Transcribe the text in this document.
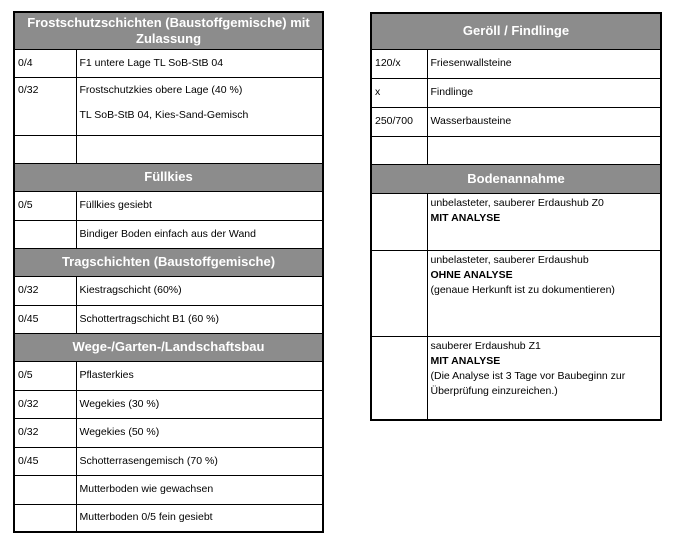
Frostschutzschichten (Baustoffgemische) mit Zulassung	
0/4	F1 untere Lage TL SoB-StB 04
0/32	Frostschutzkies obere Lage (40 %)
TL SoB-StB 04, Kies-Sand-Gemisch

Füllkies	
0/5	Füllkies gesiebt
	Bindiger Boden einfach aus der Wand
Tragschichten (Baustoffgemische)	
0/32	Kiestragschicht (60%)
0/45	Schottertragschicht B1 (60 %)
Wege-/Garten-/Landschaftsbau	
0/5	Pflasterkies
0/32	Wegekies (30 %)
0/32	Wegekies (50 %)
0/45	Schotterrasengemisch (70 %)
	Mutterboden wie gewachsen
	Mutterboden 0/5 fein gesiebt
Geröll / Findlinge	
120/x	Friesenwallsteine
x	Findlinge
250/700	Wasserbausteine

Bodenannahme	

	unbelasteter, sauberer Erdaushub Z0
MIT ANALYSE

	unbelasteter, sauberer Erdaushub
OHNE ANALYSE
(genaue Herkunft ist zu dokumentieren)

	sauberer Erdaushub Z1
MIT ANALYSE
(Die Analyse ist 3 Tage vor Baubeginn zur
Überprüfung einzureichen.)
